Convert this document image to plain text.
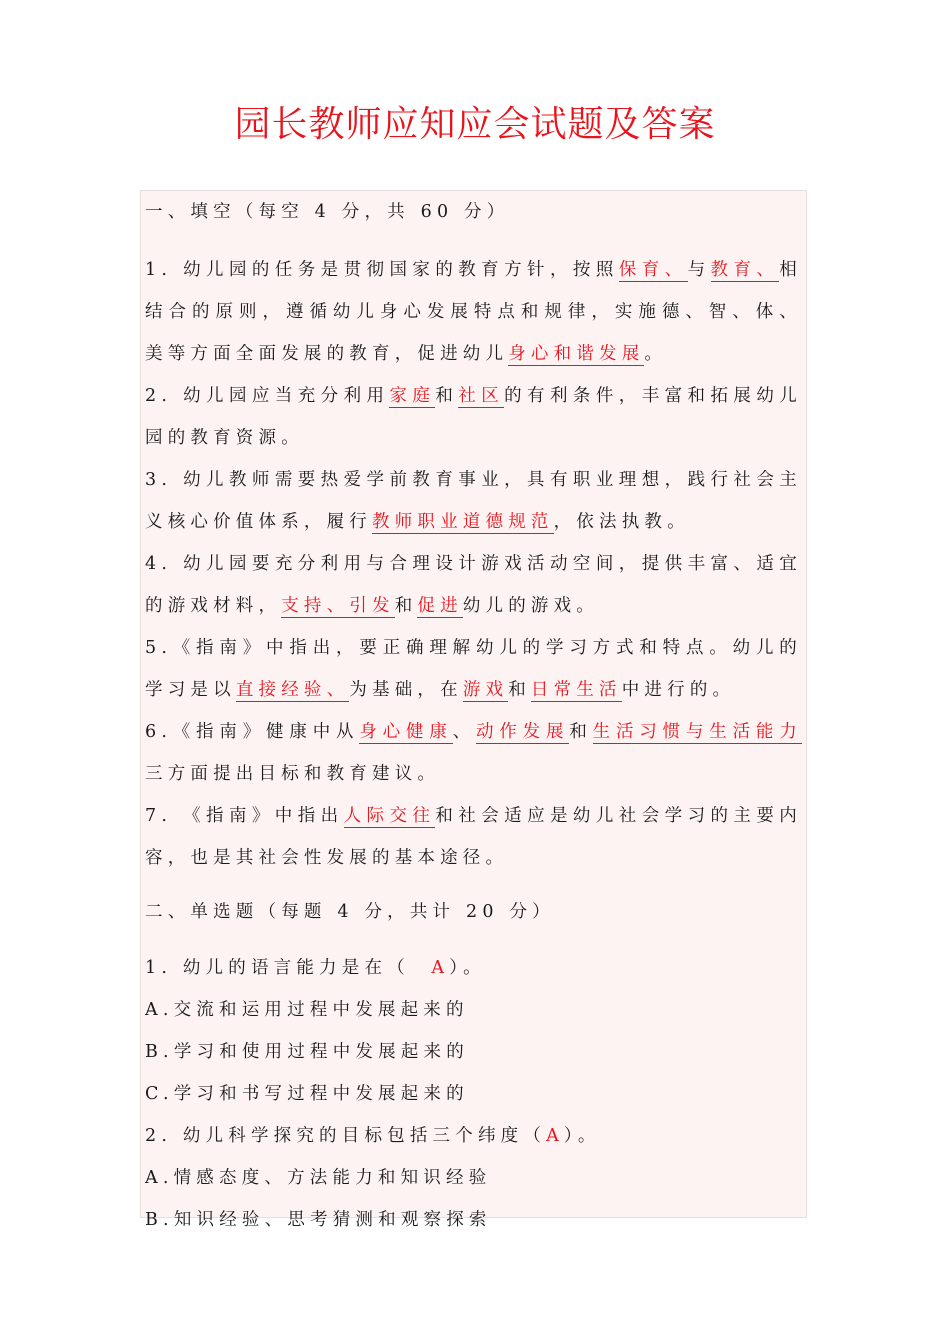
园长教师应知应会试题及答案
一、填空（每空 4 分，共 60 分）

1. 幼儿园的任务是贯彻国家的教育方针，按照保育、与教育、相结合的原则，遵循幼儿身心发展特点和规律，实施德、智、体、美等方面全面发展的教育，促进幼儿身心和谐发展。

2. 幼儿园应当充分利用家庭和社区的有利条件，丰富和拓展幼儿园的教育资源。

3. 幼儿教师需要热爱学前教育事业，具有职业理想，践行社会主义核心价值体系，履行教师职业道德规范，依法执教。

4. 幼儿园要充分利用与合理设计游戏活动空间，提供丰富、适宜的游戏材料，支持、引发和促进幼儿的游戏。

5.《指南》中指出，要正确理解幼儿的学习方式和特点。幼儿的学习是以直接经验、为基础，在游戏和日常生活中进行的。

6.《指南》健康中从身心健康、动作发展和生活习惯与生活能力三方面提出目标和教育建议。

7. 《指南》中指出人际交往和社会适应是幼儿社会学习的主要内容，也是其社会性发展的基本途径。

二、单选题（每题 4 分，共计 20 分）

1. 幼儿的语言能力是在（ A）。

A.交流和运用过程中发展起来的

B.学习和使用过程中发展起来的

C.学习和书写过程中发展起来的

2. 幼儿科学探究的目标包括三个纬度（A）。

A.情感态度、方法能力和知识经验

B.知识经验、思考猜测和观察探索
